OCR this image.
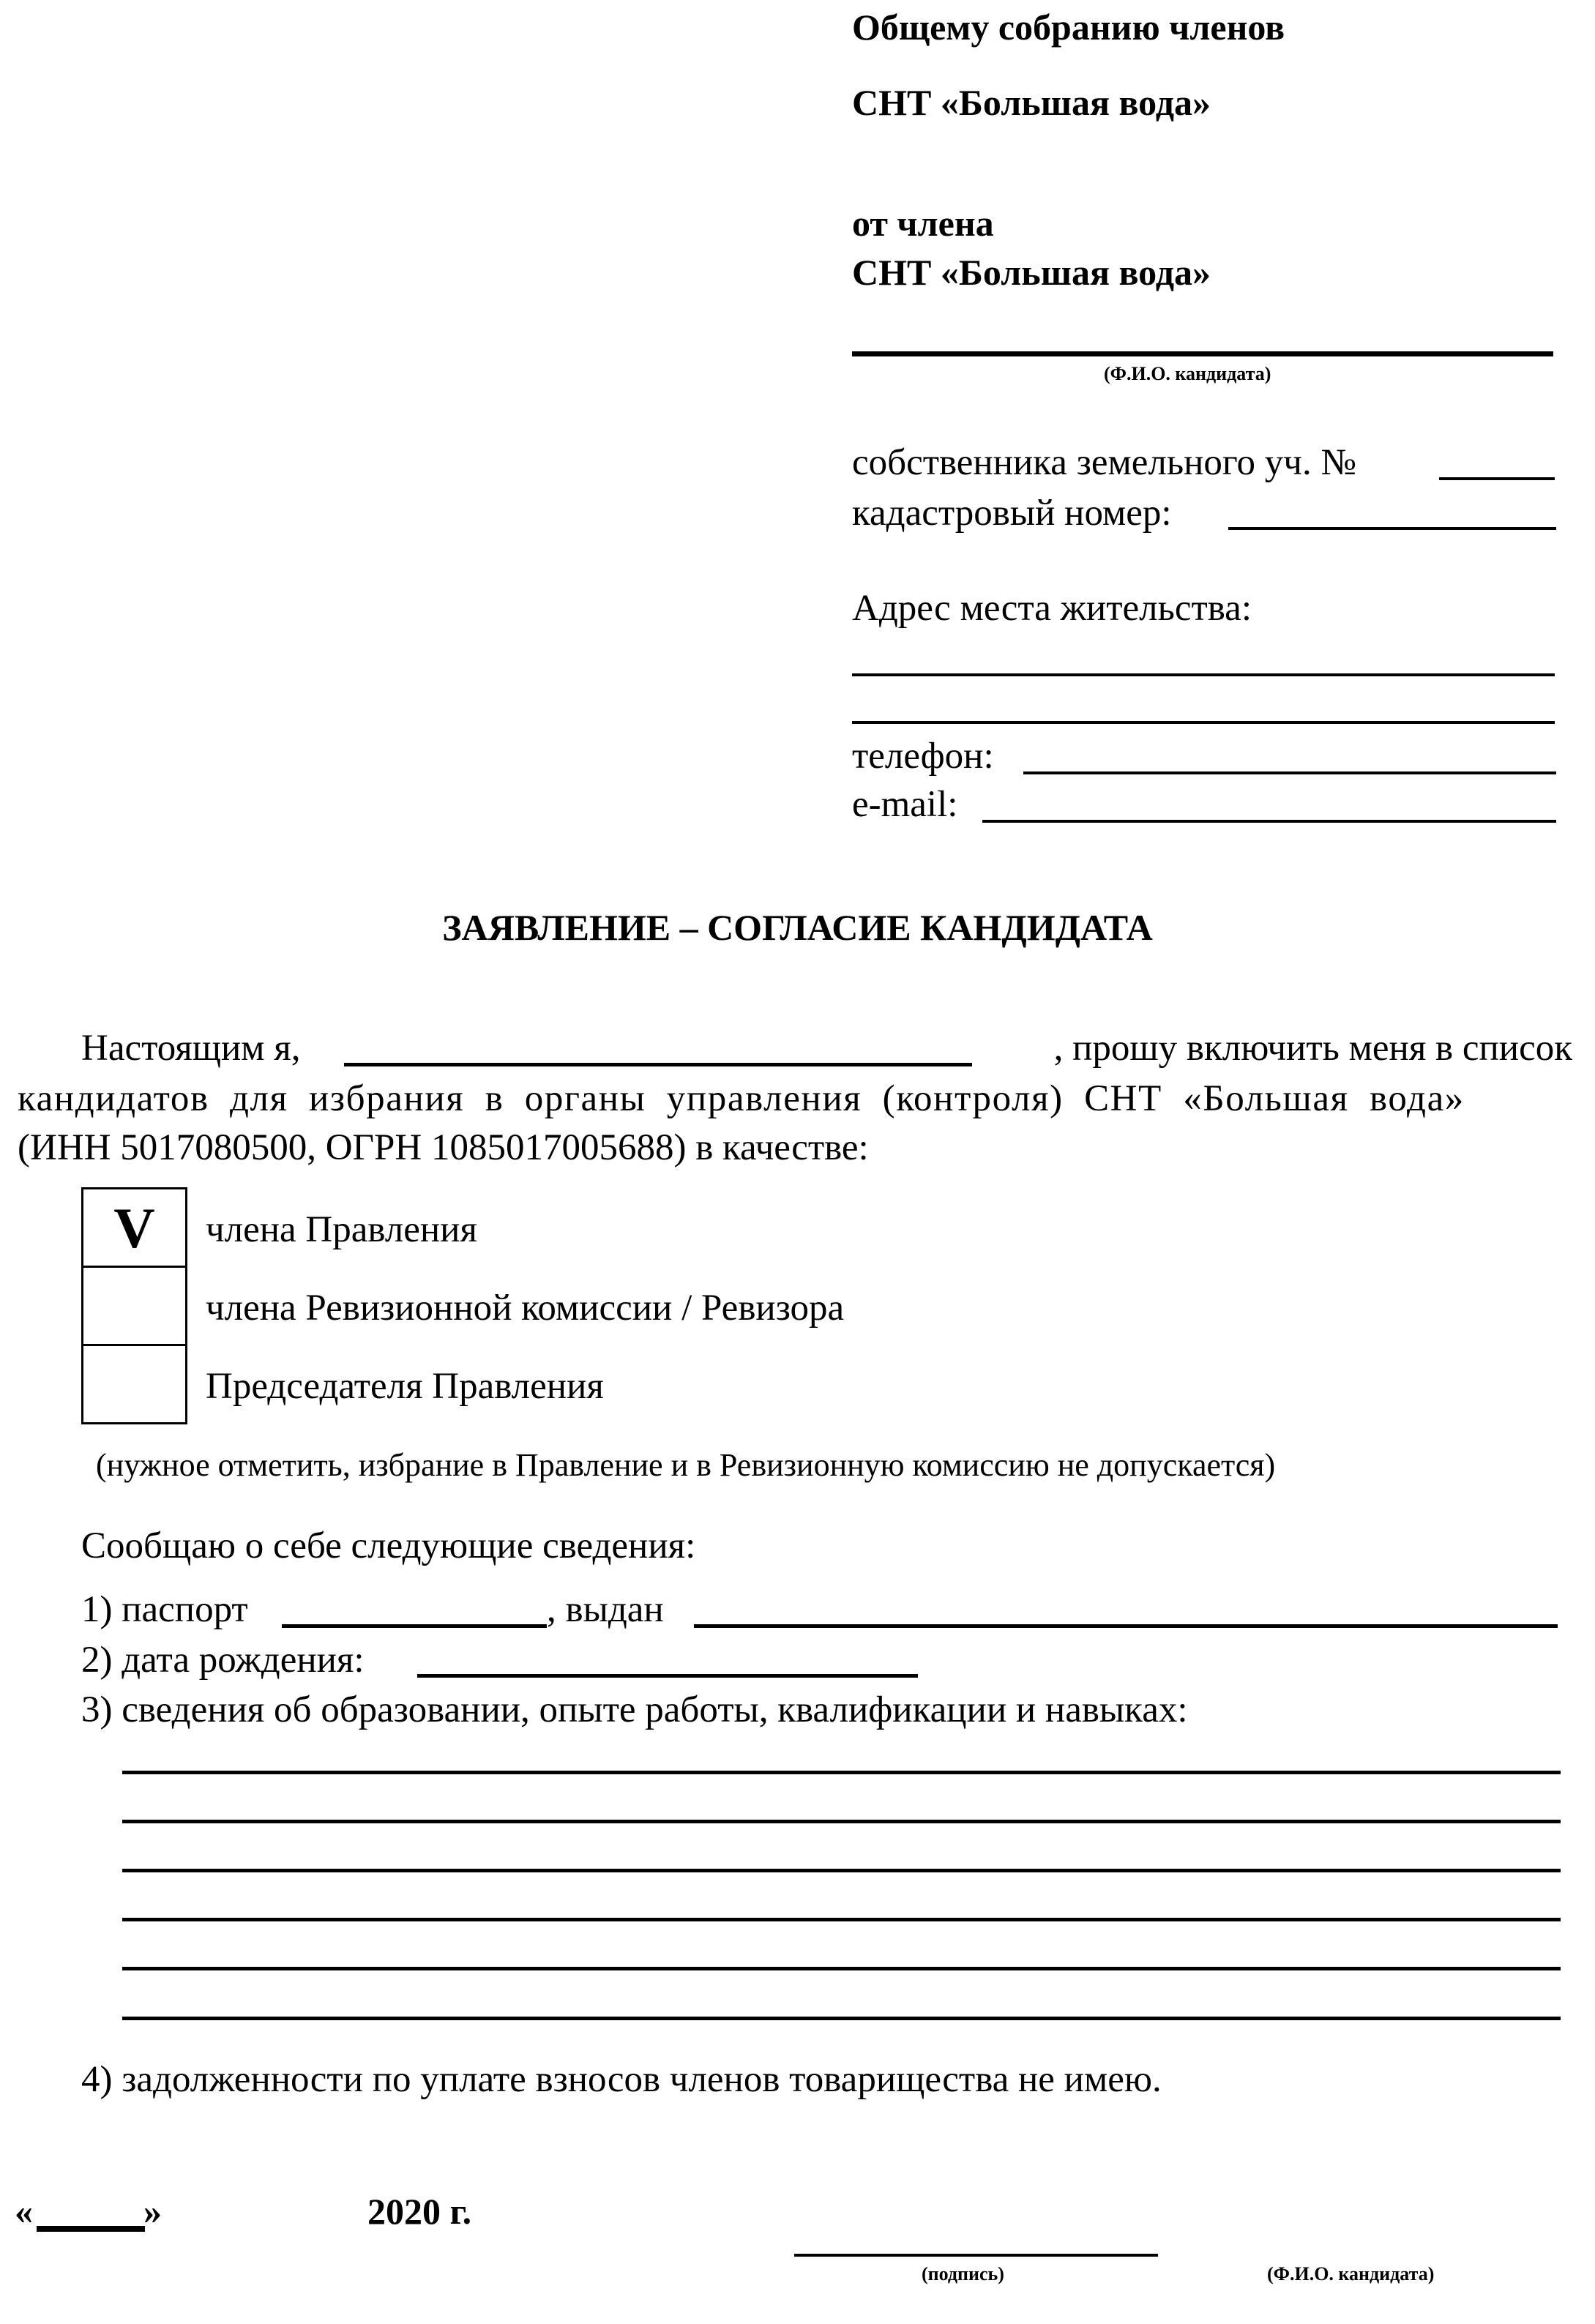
Общему собранию членов
СНТ «Большая вода»
от члена
СНТ «Большая вода»
(Ф.И.О. кандидата)
собственника земельного уч. №
кадастровый номер:
Адрес места жительства:
телефон:
e-mail:
ЗАЯВЛЕНИЕ – СОГЛАСИЕ КАНДИДАТА
Настоящим я,	, прошу включить меня в список
кандидатов для избрания в органы управления (контроля) СНТ «Большая вода»
(ИНН 5017080500, ОГРН 1085017005688) в качестве:
V	члена Правления
члена Ревизионной комиссии / Ревизора
Председателя Правления
(нужное отметить, избрание в Правление и в Ревизионную комиссию не допускается)
Сообщаю о себе следующие сведения:
1) паспорт	, выдан
2) дата рождения:
3) сведения об образовании, опыте работы, квалификации и навыках:
4) задолженности по уплате взносов членов товарищества не имею.
«	»	2020 г.
(подпись)	(Ф.И.О. кандидата)
